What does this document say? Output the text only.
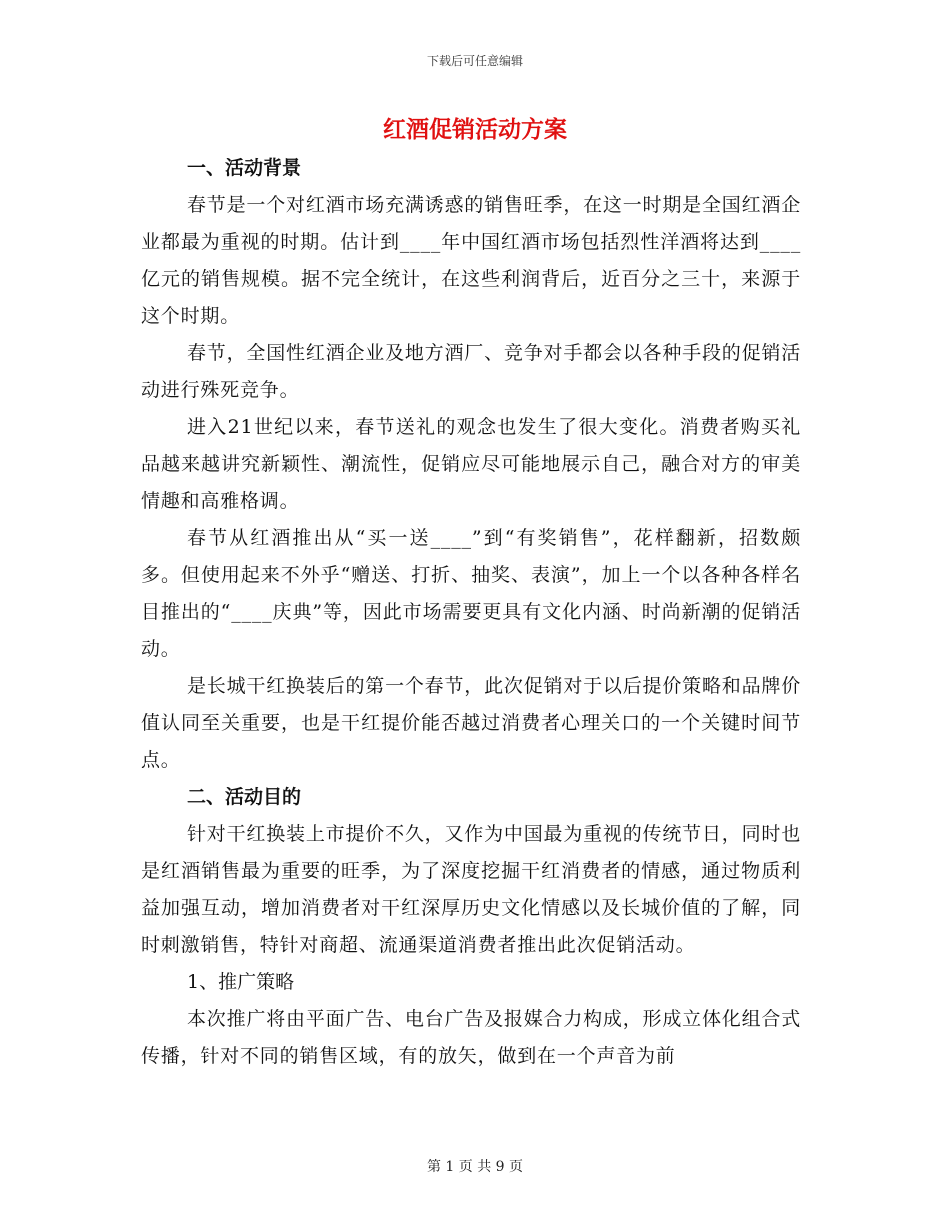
下载后可任意编辑
红酒促销活动方案
一、活动背景

春节是一个对红酒市场充满诱惑的销售旺季，在这一时期是全国红酒企业都最为重视的时期。估计到____年中国红酒市场包括烈性洋酒将达到____亿元的销售规模。据不完全统计，在这些利润背后，近百分之三十，来源于这个时期。

春节，全国性红酒企业及地方酒厂、竞争对手都会以各种手段的促销活动进行殊死竞争。

进入21世纪以来，春节送礼的观念也发生了很大变化。消费者购买礼品越来越讲究新颖性、潮流性，促销应尽可能地展示自己，融合对方的审美情趣和高雅格调。

春节从红酒推出从“买一送____”到“有奖销售”，花样翻新，招数颇多。但使用起来不外乎“赠送、打折、抽奖、表演”，加上一个以各种各样名目推出的“____庆典”等，因此市场需要更具有文化内涵、时尚新潮的促销活动。

是长城干红换装后的第一个春节，此次促销对于以后提价策略和品牌价值认同至关重要，也是干红提价能否越过消费者心理关口的一个关键时间节点。

二、活动目的

针对干红换装上市提价不久，又作为中国最为重视的传统节日，同时也是红酒销售最为重要的旺季，为了深度挖掘干红消费者的情感，通过物质利益加强互动，增加消费者对干红深厚历史文化情感以及长城价值的了解，同时刺激销售，特针对商超、流通渠道消费者推出此次促销活动。

1、推广策略

本次推广将由平面广告、电台广告及报媒合力构成，形成立体化组合式传播，针对不同的销售区域，有的放矢，做到在一个声音为前

第 1 页 共 9 页
